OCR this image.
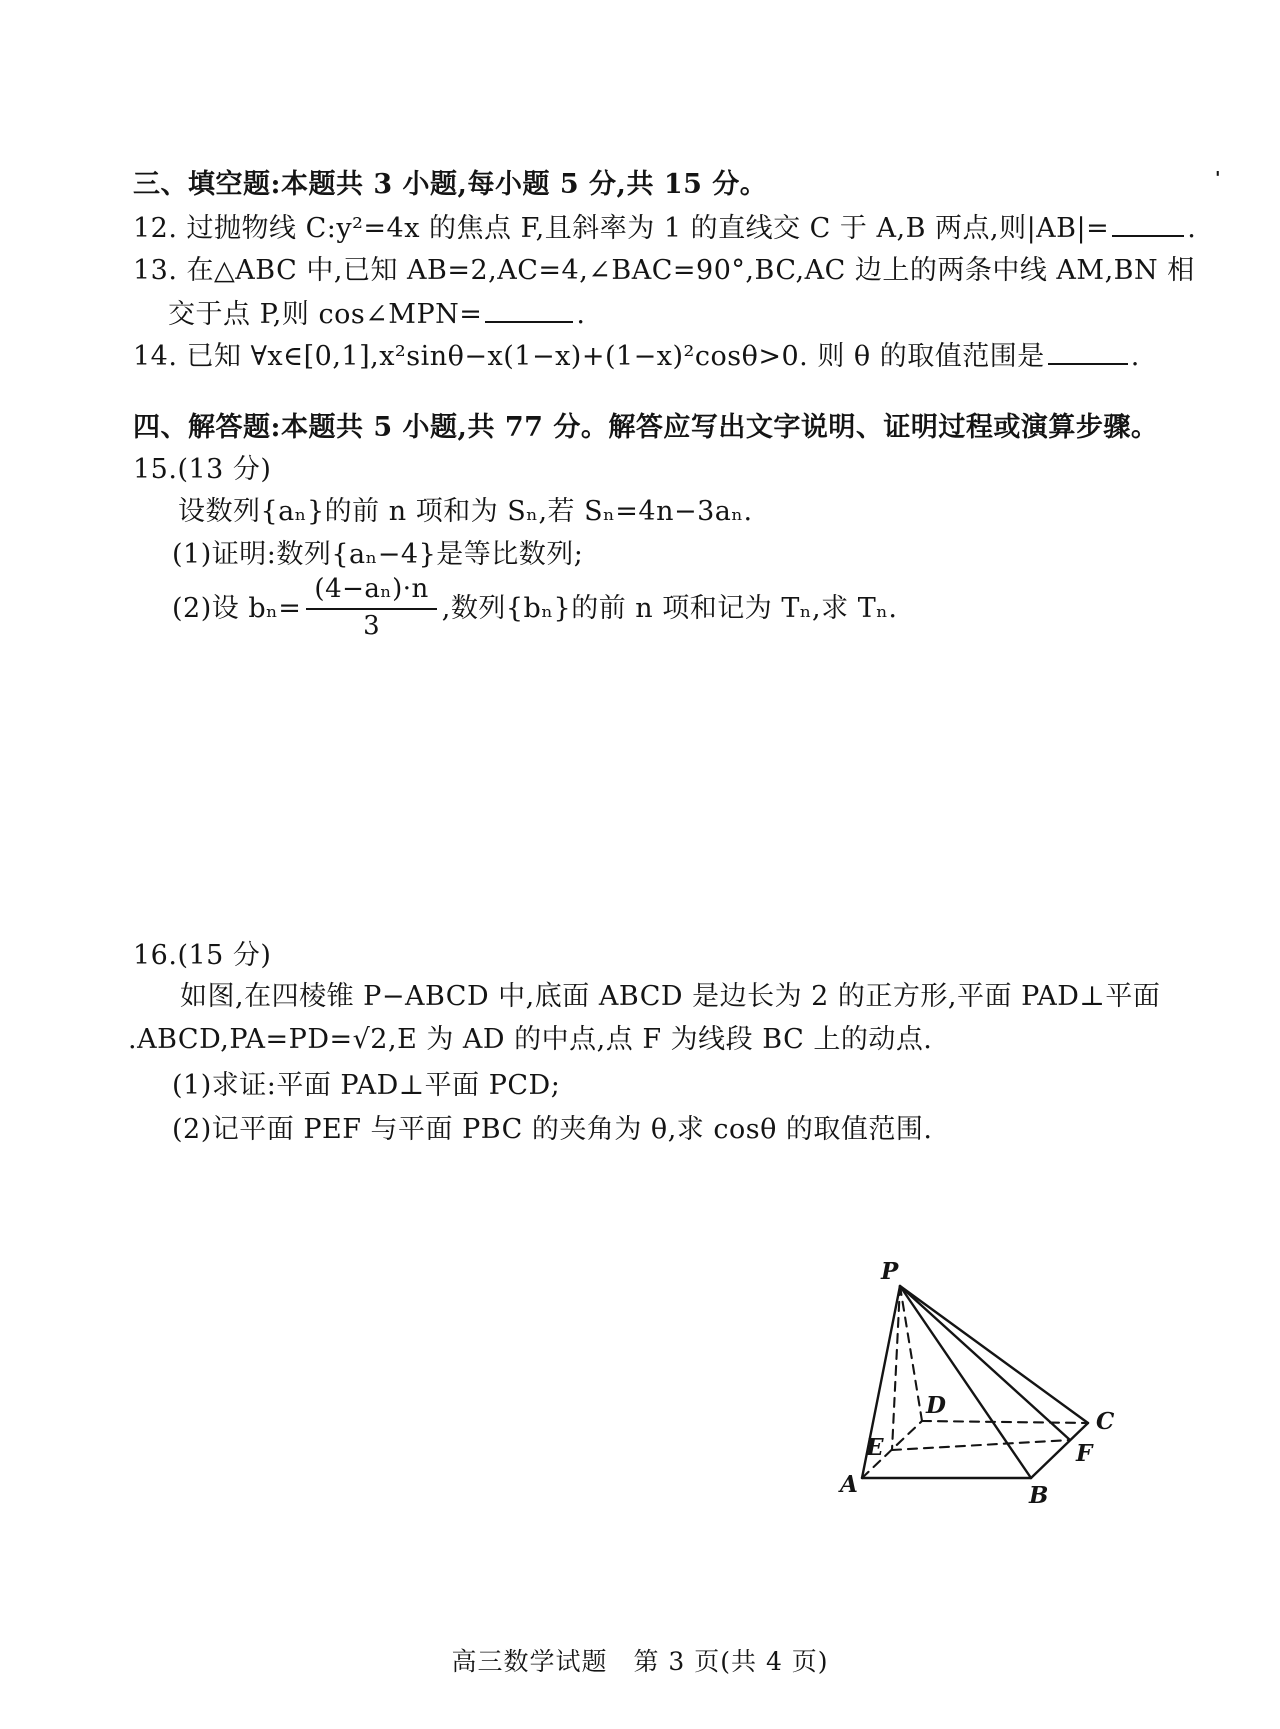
'
三、填空题:本题共 3 小题,每小题 5 分,共 15 分。
12. 过抛物线 C:y²=4x 的焦点 F,且斜率为 1 的直线交 C 于 A,B 两点,则|AB|=	.
13. 在△ABC 中,已知 AB=2,AC=4,∠BAC=90°,BC,AC 边上的两条中线 AM,BN 相
交于点 P,则 cos∠MPN=	.
14. 已知 ∀x∈[0,1],x²sinθ−x(1−x)+(1−x)²cosθ>0. 则 θ 的取值范围是	.
四、解答题:本题共 5 小题,共 77 分。解答应写出文字说明、证明过程或演算步骤。
15.(13 分)
设数列{aₙ}的前 n 项和为 Sₙ,若 Sₙ=4n−3aₙ.
(1)证明:数列{aₙ−4}是等比数列;
(2)设 $b_n= \frac{\text{(4−aₙ)·n}}{3}$ ,数列{bₙ}的前 n 项和记为 Tₙ,求 Tₙ.
16.(15 分)
如图,在四棱锥 P−ABCD 中,底面 ABCD 是边长为 2 的正方形,平面 PAD⊥平面
.ABCD,PA=PD=√2,E 为 AD 的中点,点 F 为线段 BC 上的动点.
(1)求证:平面 PAD⊥平面 PCD;
(2)记平面 PEF 与平面 PBC 的夹角为 θ,求 cosθ 的取值范围.
P
A	B
C
D
E	F
高三数学试题　第 3 页(共 4 页)
